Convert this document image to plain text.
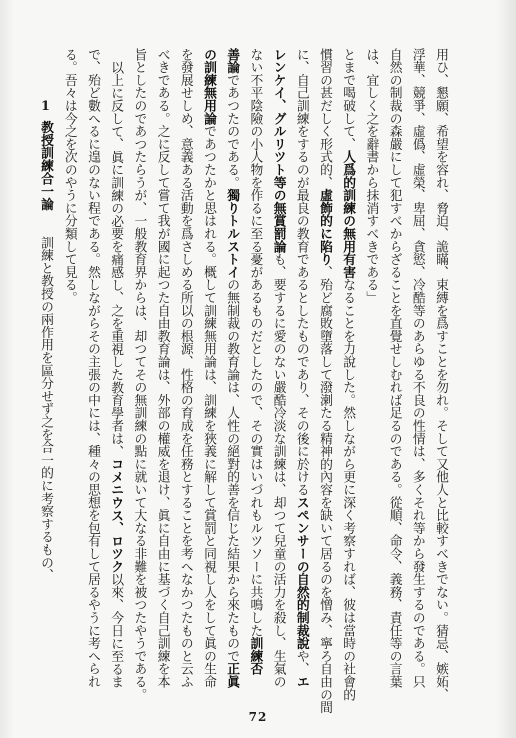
用ひ、懇願、希望を容れ、脅迫、詭瞞、束縛を爲すことを勿れ。そして又他人と比較すべきでない。猜忌、嫉妬、
浮華、競爭、虛僞、虛榮、卑屈、貪慾、冷酷等のあらゆる不良の性情は、多くそれ等から發生するのである。只
自然の制裁の森嚴にして犯すべからざることを直覺せしむれば足るのである。從順、命令、義務、責任等の言葉
は、宜しく之を辭書から抹消すべきである」
とまで喝破して、人爲的訓練の無用有害なることを力說した。然しながら更に深く考察すれば、彼は當時の社會的
慣習の甚だしく形式的、虛飾的に陷り、殆ど腐敗墮落して潑溂たる精神的內容を缺いて居るのを憎み、寧ろ自由の間
に、自己訓練をするのが最良の教育であるとしたものであり、その後に於けるスペンサーの自然的制裁說や、エ
レンケイ、グルリツト等の無賞罰論も、要するに愛のない嚴酷冷淡な訓練は、却つて兒童の活力を殺し、生氣の
ない不平陰險の小人物を作るに至る憂があるものだとしたので、その實はいづれもルツソーに共鳴した訓練否
善論であつたのである。獨りトルストイの無制裁の教育論は、人性の絕對的善を信じた結果から來たもので正眞
の訓練無用論であつたかと思はれる。概して訓練無用論は、訓練を狹義に解して賞罰と同視し人をして眞の生命
を發展せしめ、意義ある活動を爲さしめる所以の根源、性格の育成を任務とすることを考へなかつたものと云ふ
べきである。之に反して嘗て我が國に起つた自由教育論は、外部の權威を退け、眞に自由に基づく自己訓練を本
旨としたのであつたらうが、一般教育界からは、却つてその無訓練の點に就いて大なる非難を被つたやうである。
以上に反して、眞に訓練の必要を痛感し、之を重視した教育學者は、コメニウス、ロツク以來、今日に至るま
で、殆ど數へるに遑のない程である。然しながらその主張の中には、種々の思想を包有して居るやうに考へられ
る。吾々は今之を次のやうに分類して見る。
1 教授訓練合一論
訓練と教授の兩作用を區分せず之を合一的に考察するもの、
72
